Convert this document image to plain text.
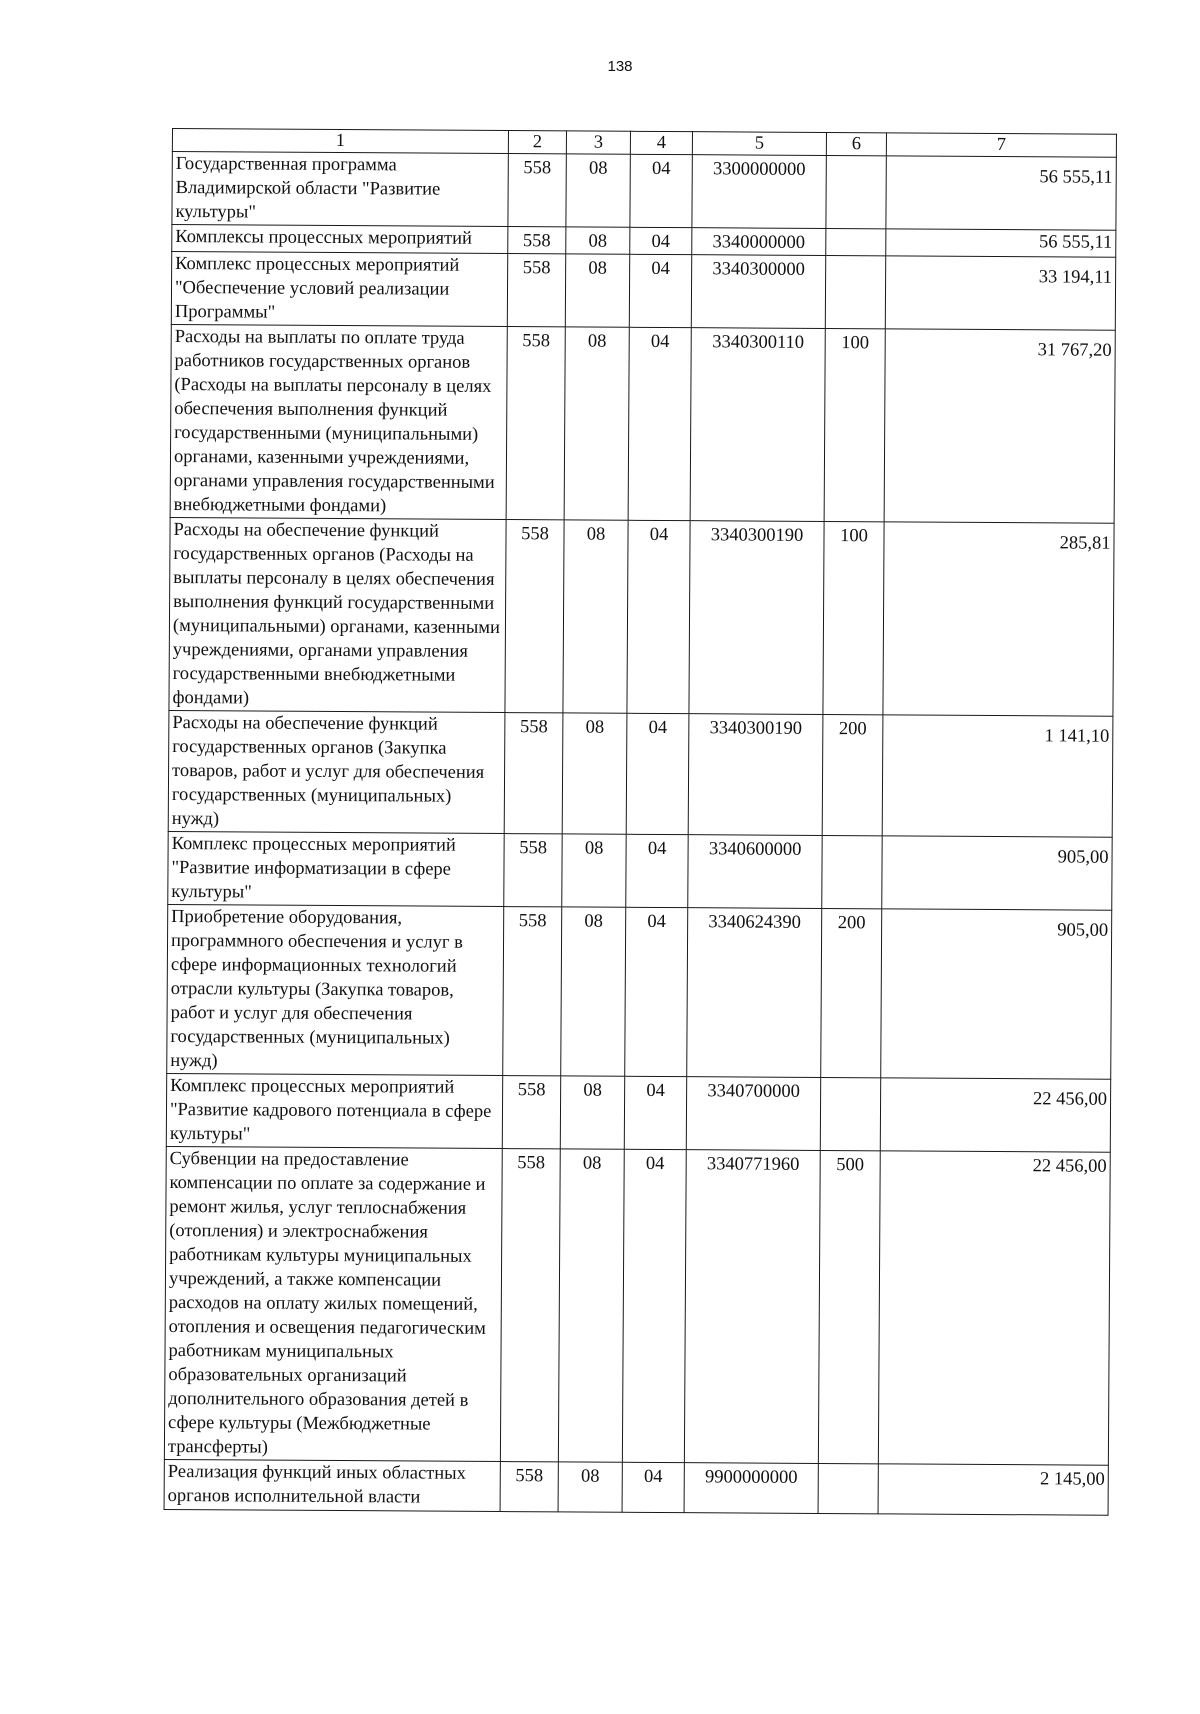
138
1	2	3	4	5	6	7
Государственная программа Владимирской области "Развитие культуры"	558	08	04	3300000000		56 555,11
Комплексы процессных мероприятий	558	08	04	3340000000		56 555,11
Комплекс процессных мероприятий "Обеспечение условий реализации Программы"	558	08	04	3340300000		33 194,11
Расходы на выплаты по оплате труда работников государственных органов (Расходы на выплаты персоналу в целях обеспечения выполнения функций государственными (муниципальными) органами, казенными учреждениями, органами управления государственными внебюджетными фондами)	558	08	04	3340300110	100	31 767,20
Расходы на обеспечение функций государственных органов (Расходы на выплаты персоналу в целях обеспечения выполнения функций государственными (муниципальными) органами, казенными учреждениями, органами управления государственными внебюджетными фондами)	558	08	04	3340300190	100	285,81
Расходы на обеспечение функций государственных органов (Закупка товаров, работ и услуг для обеспечения государственных (муниципальных) нужд)	558	08	04	3340300190	200	1 141,10
Комплекс процессных мероприятий "Развитие информатизации в сфере культуры"	558	08	04	3340600000		905,00
Приобретение оборудования, программного обеспечения и услуг в сфере информационных технологий отрасли культуры (Закупка товаров, работ и услуг для обеспечения государственных (муниципальных) нужд)	558	08	04	3340624390	200	905,00
Комплекс процессных мероприятий "Развитие кадрового потенциала в сфере культуры"	558	08	04	3340700000		22 456,00
Субвенции на предоставление компенсации по оплате за содержание и ремонт жилья, услуг теплоснабжения (отопления) и электроснабжения работникам культуры муниципальных учреждений, а также компенсации расходов на оплату жилых помещений, отопления и освещения педагогическим работникам муниципальных образовательных организаций дополнительного образования детей в сфере культуры (Межбюджетные трансферты)	558	08	04	3340771960	500	22 456,00
Реализация функций иных областных органов исполнительной власти	558	08	04	9900000000		2 145,00
